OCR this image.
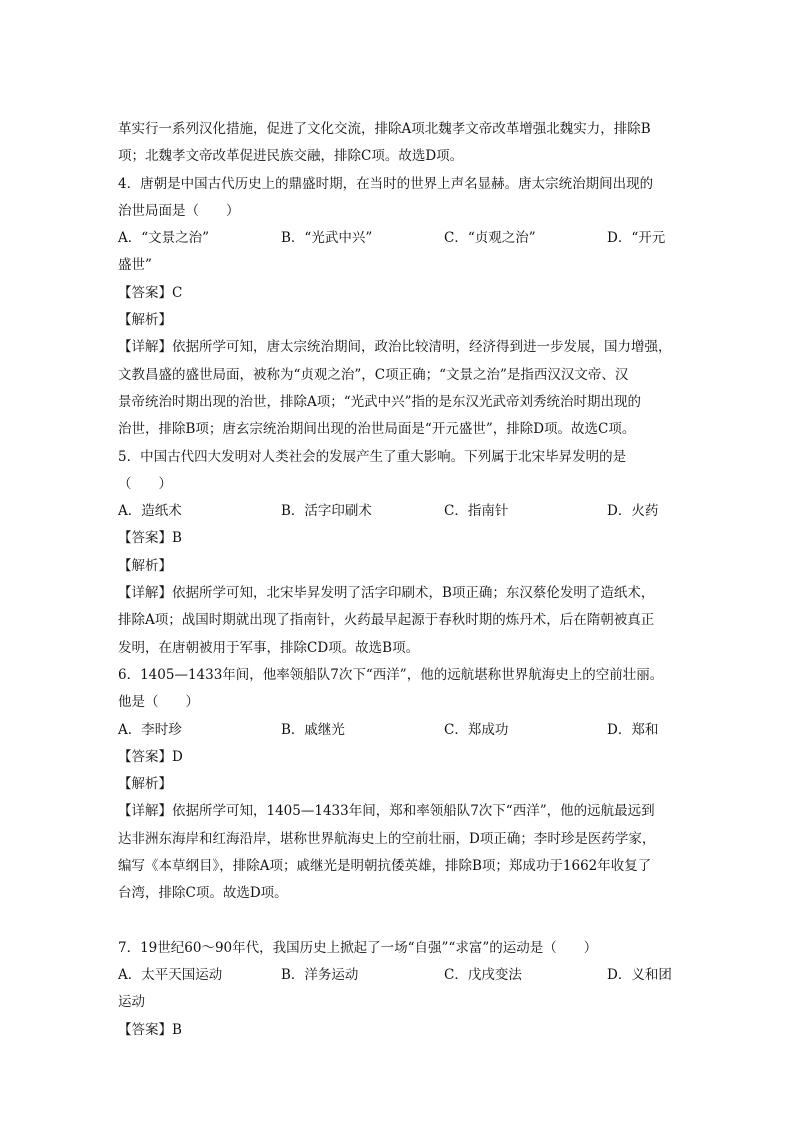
革实行一系列汉化措施，促进了文化交流，排除A项北魏孝文帝改革增强北魏实力，排除B
项；北魏孝文帝改革促进民族交融，排除C项。故选D项。
4．唐朝是中国古代历史上的鼎盛时期，在当时的世界上声名显赫。唐太宗统治期间出现的
治世局面是（　　）
A．“文景之治”	B．“光武中兴”	C．“贞观之治”	D．“开元
盛世”
【答案】C
【解析】
【详解】依据所学可知，唐太宗统治期间，政治比较清明，经济得到进一步发展，国力增强，
文教昌盛的盛世局面，被称为“贞观之治”，C项正确；“文景之治”是指西汉汉文帝、汉
景帝统治时期出现的治世，排除A项；“光武中兴”指的是东汉光武帝刘秀统治时期出现的
治世，排除B项；唐玄宗统治期间出现的治世局面是“开元盛世”，排除D项。故选C项。
5．中国古代四大发明对人类社会的发展产生了重大影响。下列属于北宋毕昇发明的是
（　　）
A．造纸术	B．活字印刷术	C．指南针	D．火药
【答案】B
【解析】
【详解】依据所学可知，北宋毕昇发明了活字印刷术，B项正确；东汉蔡伦发明了造纸术，
排除A项；战国时期就出现了指南针，火药最早起源于春秋时期的炼丹术，后在隋朝被真正
发明，在唐朝被用于军事，排除CD项。故选B项。
6．1405—1433年间，他率领船队7次下“西洋”，他的远航堪称世界航海史上的空前壮丽。
他是（　　）
A．李时珍	B．戚继光	C．郑成功	D．郑和
【答案】D
【解析】
【详解】依据所学可知，1405—1433年间，郑和率领船队7次下“西洋”，他的远航最远到
达非洲东海岸和红海沿岸，堪称世界航海史上的空前壮丽，D项正确；李时珍是医药学家，
编写《本草纲目》，排除A项；戚继光是明朝抗倭英雄，排除B项；郑成功于1662年收复了
台湾，排除C项。故选D项。
7．19世纪60～90年代，我国历史上掀起了一场“自强”“求富”的运动是（　　）
A．太平天国运动	B．洋务运动	C．戊戌变法	D．义和团
运动
【答案】B
